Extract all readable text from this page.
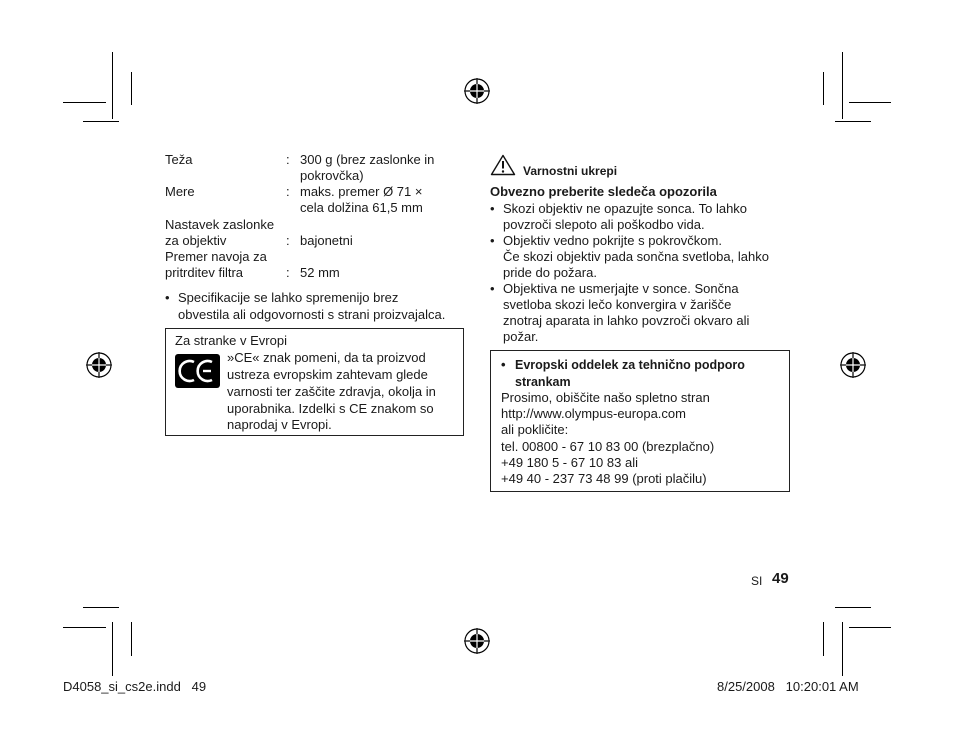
Teža	: 300 g (brez zaslonke in
pokrovčka)
Mere	: maks. premer Ø 71 ×
cela dolžina 61,5 mm
Nastavek zaslonke
za objektiv	: bajonetni
Premer navoja za
pritrditev filtra	: 52 mm
• Specifikacije se lahko spremenijo brez
obvestila ali odgovornosti s strani proizvajalca.
Za stranke v Evropi
»CE« znak pomeni, da ta proizvod
ustreza evropskim zahtevam glede
varnosti ter zaščite zdravja, okolja in
uporabnika. Izdelki s CE znakom so
naprodaj v Evropi.
Varnostni ukrepi
Obvezno preberite sledeča opozorila
• Skozi objektiv ne opazujte sonca. To lahko
povzroči slepoto ali poškodbo vida.
• Objektiv vedno pokrijte s pokrovčkom.
Če skozi objektiv pada sončna svetloba, lahko
pride do požara.
• Objektiva ne usmerjajte v sonce. Sončna
svetloba skozi lečo konvergira v žarišče
znotraj aparata in lahko povzroči okvaro ali
požar.
• Evropski oddelek za tehnično podporo
strankam
Prosimo, obiščite našo spletno stran
http://www.olympus-europa.com
ali pokličite:
tel. 00800 - 67 10 83 00 (brezplačno)
+49 180 5 - 67 10 83 ali
+49 40 - 237 73 48 99 (proti plačilu)
SI 49
D4058_si_cs2e.indd   49	8/25/2008   10:20:01 AM
